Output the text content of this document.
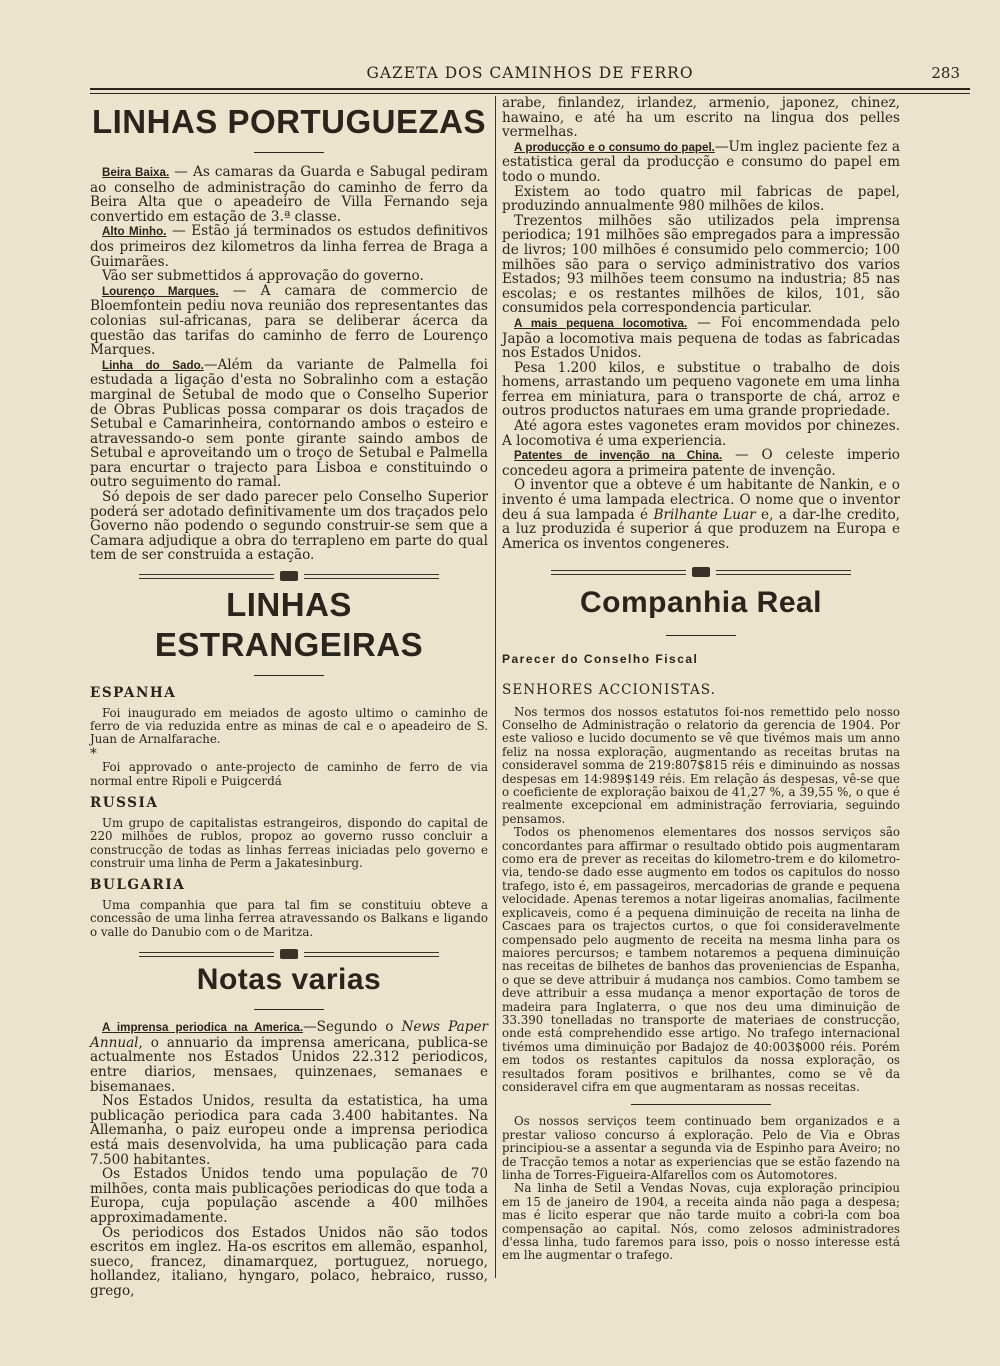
GAZETA DOS CAMINHOS DE FERRO	283
LINHAS PORTUGUEZAS

Beira Baixa. — As camaras da Guarda e Sabugal pediram ao conselho de administração do caminho de ferro da Beira Alta que o apeadeiro de Villa Fernando seja convertido em estação de 3.ª classe.

Alto Minho. — Estão já terminados os estudos definitivos dos primeiros dez kilometros da linha ferrea de Braga a Guimarães.

Vão ser submettidos á approvação do governo.

Lourenço Marques. — A camara de commercio de Bloemfontein pediu nova reunião dos representantes das colonias sul-africanas, para se deliberar ácerca da questão das tarifas do caminho de ferro de Lourenço Marques.

Linha do Sado.—Além da variante de Palmella foi estudada a ligação d'esta no Sobralinho com a estação marginal de Setubal de modo que o Conselho Superior de Obras Publicas possa comparar os dois traçados de Setubal e Camarinheira, contornando ambos o esteiro e atravessando-o sem ponte girante saindo ambos de Setubal e aproveitando um o troço de Setubal e Palmella para encurtar o trajecto para Lisboa e constituindo o outro seguimento do ramal.

Só depois de ser dado parecer pelo Conselho Superior poderá ser adotado definitivamente um dos traçados pelo Governo não podendo o segundo construir-se sem que a Camara adjudique a obra do terrapleno em parte do qual tem de ser construida a estação.

LINHAS ESTRANGEIRAS

ESPANHA

Foi inaugurado em meiados de agosto ultimo o caminho de ferro de via reduzida entre as minas de cal e o apeadeiro de S. Juan de Arnalfarache.

*

Foi approvado o ante-projecto de caminho de ferro de via normal entre Ripoli e Puigcerdá

RUSSIA

Um grupo de capitalistas estrangeiros, dispondo do capital de 220 milhões de rublos, propoz ao governo russo concluir a construcção de todas as linhas ferreas iniciadas pelo governo e construir uma linha de Perm a Jakatesinburg.

BULGARIA

Uma companhia que para tal fim se constituiu obteve a concessão de uma linha ferrea atravessando os Balkans e ligando o valle do Danubio com o de Maritza.

Notas varias

A imprensa periodica na America.—Segundo o News Paper Annual, o annuario da imprensa americana, publica-se actualmente nos Estados Unidos 22.312 periodicos, entre diarios, mensaes, quinzenaes, semanaes e bisemanaes.

Nos Estados Unidos, resulta da estatistica, ha uma publicação periodica para cada 3.400 habitantes. Na Allemanha, o paiz europeu onde a imprensa periodica está mais desenvolvida, ha uma publicação para cada 7.500 habitantes.

Os Estados Unidos tendo uma população de 70 milhões, conta mais publicações periodicas do que toda a Europa, cuja população ascende a 400 milhões approximadamente.

Os periodicos dos Estados Unidos não são todos escritos em inglez. Ha-os escritos em allemão, espanhol, sueco, francez, dinamarquez, portuguez, noruego, hollandez, italiano, hyngaro, polaco, hebraico, russo, grego,

arabe, finlandez, irlandez, armenio, japonez, chinez, hawaino, e até ha um escrito na lingua dos pelles vermelhas.

A producção e o consumo do papel.—Um inglez paciente fez a estatistica geral da producção e consumo do papel em todo o mundo.

Existem ao todo quatro mil fabricas de papel, produzindo annualmente 980 milhões de kilos.

Trezentos milhões são utilizados pela imprensa periodica; 191 milhões são empregados para a impressão de livros; 100 milhões é consumido pelo commercio; 100 milhões são para o serviço administrativo dos varios Estados; 93 milhões teem consumo na industria; 85 nas escolas; e os restantes milhões de kilos, 101, são consumidos pela correspondencia particular.

A mais pequena locomotiva. — Foi encommendada pelo Japão a locomotiva mais pequena de todas as fabricadas nos Estados Unidos.

Pesa 1.200 kilos, e substitue o trabalho de dois homens, arrastando um pequeno vagonete em uma linha ferrea em miniatura, para o transporte de chá, arroz e outros productos naturaes em uma grande propriedade.

Até agora estes vagonetes eram movidos por chinezes. A locomotiva é uma experiencia.

Patentes de invenção na China. — O celeste imperio concedeu agora a primeira patente de invenção.

O inventor que a obteve é um habitante de Nankin, e o invento é uma lampada electrica. O nome que o inventor deu á sua lampada é Brilhante Luar e, a dar-lhe credito, a luz produzida é superior á que produzem na Europa e America os inventos congeneres.

Companhia Real

Parecer do Conselho Fiscal

SENHORES ACCIONISTAS.

Nos termos dos nossos estatutos foi-nos remettido pelo nosso Conselho de Administração o relatorio da gerencia de 1904. Por este valioso e lucido documento se vê que tivémos mais um anno feliz na nossa exploração, augmentando as receitas brutas na consideravel somma de 219:807$815 réis e diminuindo as nossas despesas em 14:989$149 réis. Em relação ás despesas, vê-se que o coeficiente de exploração baixou de 41,27 %, a 39,55 %, o que é realmente excepcional em administração ferroviaria, seguindo pensamos.

Todos os phenomenos elementares dos nossos serviços são concordantes para affirmar o resultado obtido pois augmentaram como era de prever as receitas do kilometro-trem e do kilometro-via, tendo-se dado esse augmento em todos os capitulos do nosso trafego, isto é, em passageiros, mercadorias de grande e pequena velocidade. Apenas teremos a notar ligeiras anomalias, facilmente explicaveis, como é a pequena diminuição de receita na linha de Cascaes para os trajectos curtos, o que foi consideravelmente compensado pelo augmento de receita na mesma linha para os maiores percursos; e tambem notaremos a pequena diminuição nas receitas de bilhetes de banhos das proveniencias de Espanha, o que se deve attribuir á mudança nos cambios. Como tambem se deve attribuir a essa mudança a menor exportação de toros de madeira para Inglaterra, o que nos deu uma diminuição de 33.390 tonelladas no transporte de materiaes de construcção, onde está comprehendido esse artigo. No trafego internacional tivémos uma diminuição por Badajoz de 40:003$000 réis. Porém em todos os restantes capitulos da nossa exploração, os resultados foram positivos e brilhantes, como se vê da consideravel cifra em que augmentaram as nossas receitas.

Os nossos serviços teem continuado bem organizados e a prestar valioso concurso á exploração. Pelo de Via e Obras principiou-se a assentar a segunda via de Espinho para Aveiro; no de Tracção temos a notar as experiencias que se estão fazendo na linha de Torres-Figueira-Alfarellos com os Automotores.

Na linha de Setil a Vendas Novas, cuja exploração principiou em 15 de janeiro de 1904, a receita ainda não paga a despesa; mas é licito esperar que não tarde muito a cobri-la com boa compensação ao capital. Nós, como zelosos administradores d'essa linha, tudo faremos para isso, pois o nosso interesse está em lhe augmentar o trafego.
